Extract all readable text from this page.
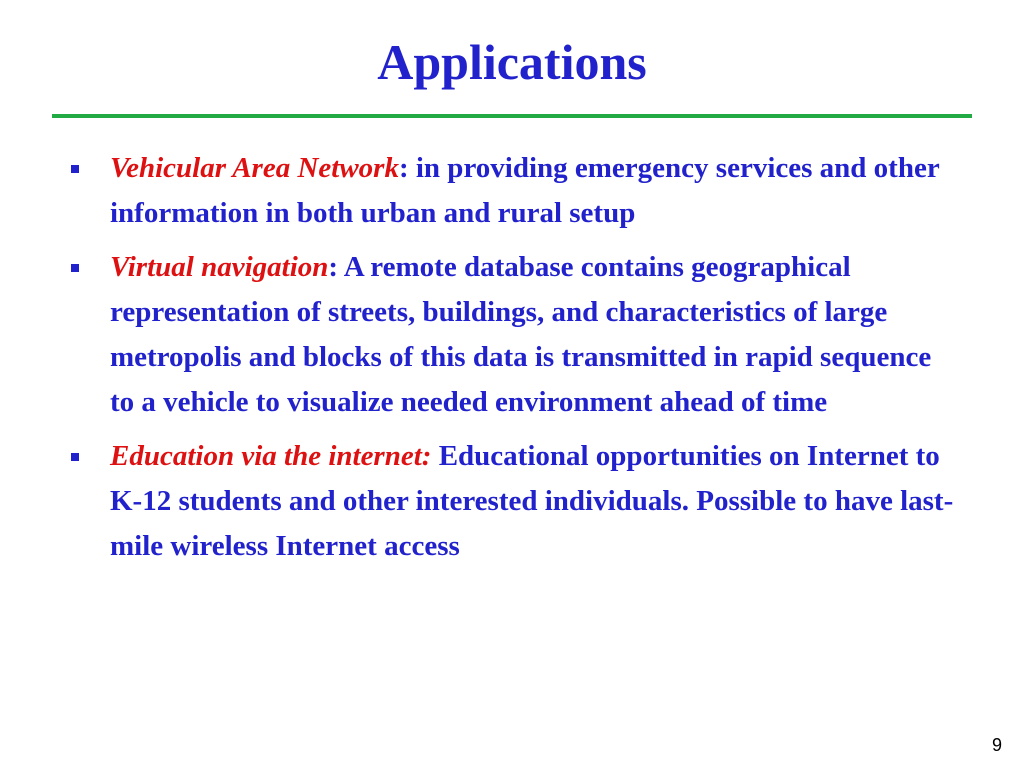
Applications
Vehicular Area Network: in providing emergency services and other information in both urban and rural setup
Virtual navigation: A remote database contains geographical representation of streets, buildings, and characteristics of large metropolis and blocks of this data is transmitted in rapid sequence to a vehicle to visualize needed environment ahead of time
Education via the internet: Educational opportunities on Internet to K-12 students and other interested individuals. Possible to have last-mile wireless Internet access
9
